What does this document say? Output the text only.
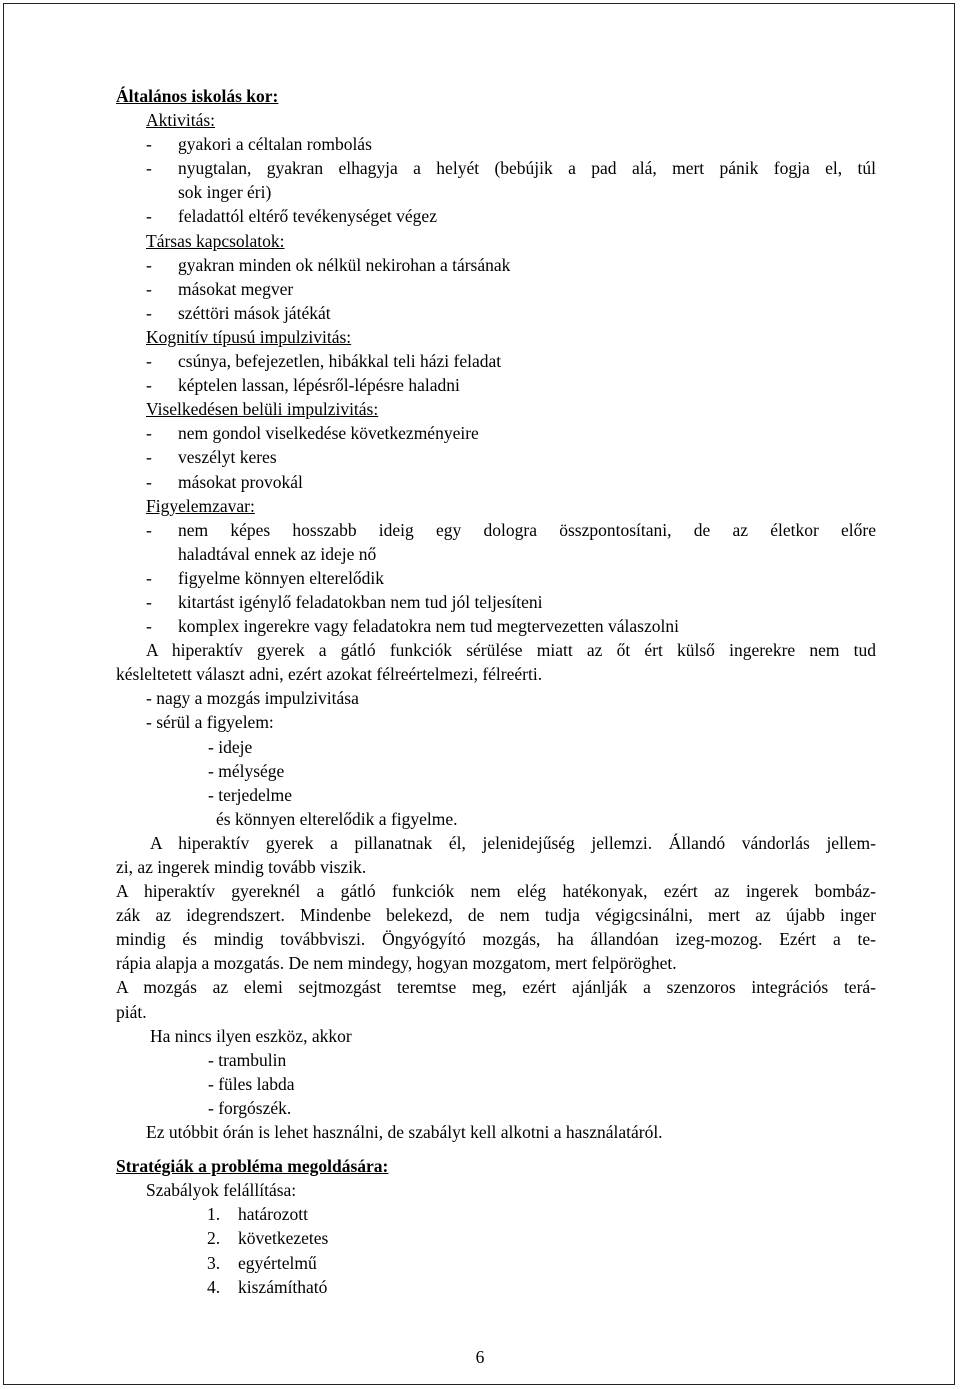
Általános iskolás kor:
Aktivitás:
- gyakori a céltalan rombolás
- nyugtalan, gyakran elhagyja a helyét (bebújik a pad alá, mert pánik fogja el, túl
sok inger éri)
- feladattól eltérő tevékenységet végez
Társas kapcsolatok:
- gyakran minden ok nélkül nekirohan a társának
- másokat megver
- széttöri mások játékát
Kognitív típusú impulzivitás:
- csúnya, befejezetlen, hibákkal teli házi feladat
- képtelen lassan, lépésről-lépésre haladni
Viselkedésen belüli impulzivitás:
- nem gondol viselkedése következményeire
- veszélyt keres
- másokat provokál
Figyelemzavar:
- nem képes hosszabb ideig egy dologra összpontosítani, de az életkor előre
haladtával ennek az ideje nő
- figyelme könnyen elterelődik
- kitartást igénylő feladatokban nem tud jól teljesíteni
- komplex ingerekre vagy feladatokra nem tud megtervezetten válaszolni
A hiperaktív gyerek a gátló funkciók sérülése miatt az őt ért külső ingerekre nem tud
késleltetett választ adni, ezért azokat félreértelmezi, félreérti.
- nagy a mozgás impulzivitása
- sérül a figyelem:
- ideje
- mélysége
- terjedelme
és könnyen elterelődik a figyelme.
A hiperaktív gyerek a pillanatnak él, jelenidejűség jellemzi. Állandó vándorlás jellem-
zi, az ingerek mindig tovább viszik.
A hiperaktív gyereknél a gátló funkciók nem elég hatékonyak, ezért az ingerek bombáz-
zák az idegrendszert. Mindenbe belekezd, de nem tudja végigcsinálni, mert az újabb inger
mindig és mindig továbbviszi. Öngyógyító mozgás, ha állandóan izeg-mozog. Ezért a te-
rápia alapja a mozgatás. De nem mindegy, hogyan mozgatom, mert felpöröghet.
A mozgás az elemi sejtmozgást teremtse meg, ezért ajánlják a szenzoros integrációs terá-
piát.
Ha nincs ilyen eszköz, akkor
- trambulin
- füles labda
- forgószék.
Ez utóbbit órán is lehet használni, de szabályt kell alkotni a használatáról.
Stratégiák a probléma megoldására:
Szabályok felállítása:
1. határozott
2. következetes
3. egyértelmű
4. kiszámítható
6
